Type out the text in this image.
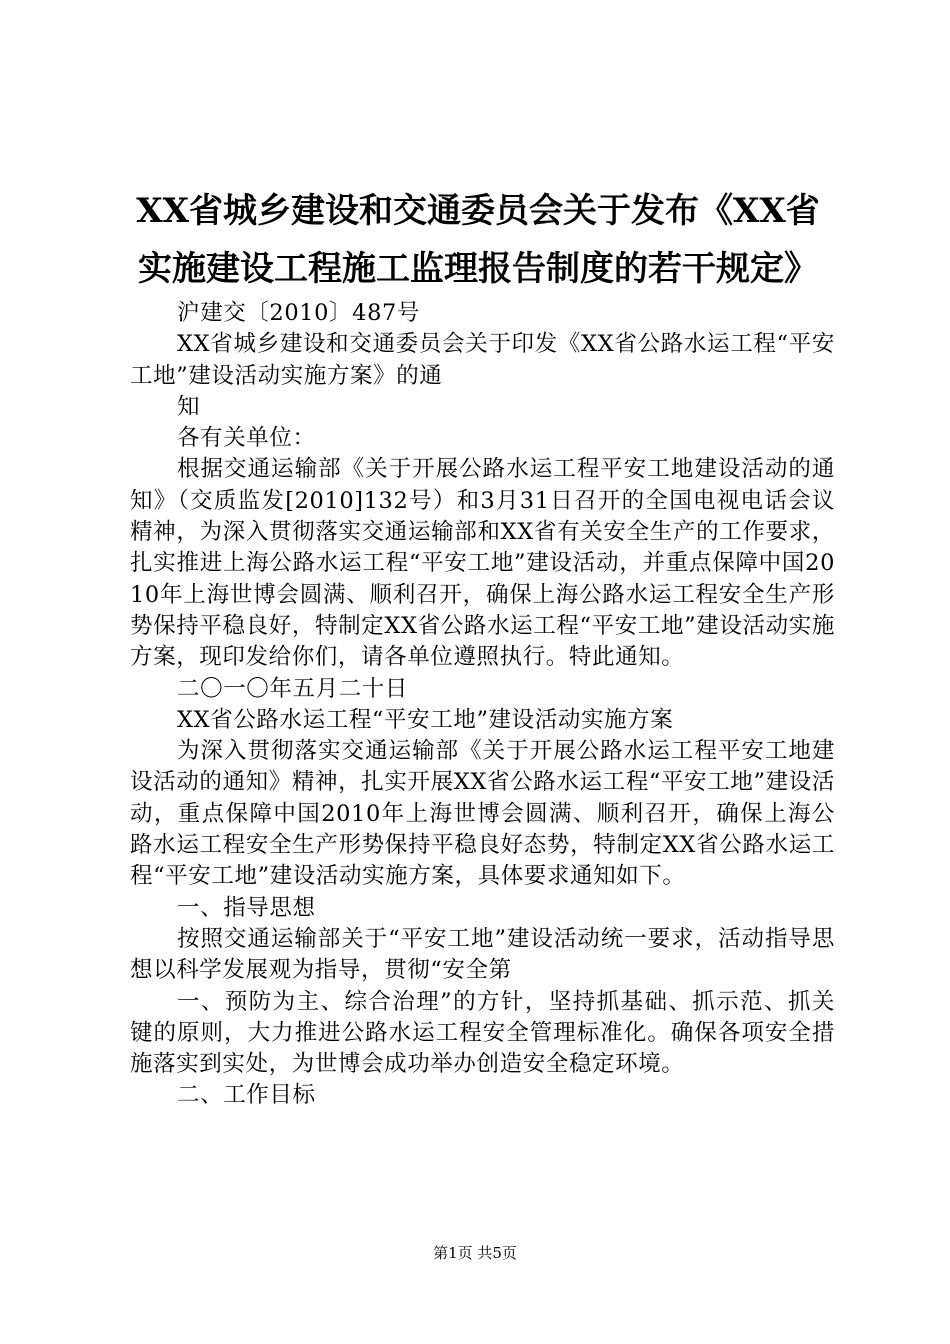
XX省城乡建设和交通委员会关于发布《XX省实施建设工程施工监理报告制度的若干规定》

沪建交〔2010〕487号

XX省城乡建设和交通委员会关于印发《XX省公路水运工程“平安工地”建设活动实施方案》的通

知

各有关单位：

根据交通运输部《关于开展公路水运工程平安工地建设活动的通知》（交质监发[2010]132号）和3月31日召开的全国电视电话会议精神，为深入贯彻落实交通运输部和XX省有关安全生产的工作要求，扎实推进上海公路水运工程“平安工地”建设活动，并重点保障中国2010年上海世博会圆满、顺利召开，确保上海公路水运工程安全生产形势保持平稳良好，特制定XX省公路水运工程“平安工地”建设活动实施方案，现印发给你们，请各单位遵照执行。特此通知。

二〇一〇年五月二十日

XX省公路水运工程“平安工地”建设活动实施方案

为深入贯彻落实交通运输部《关于开展公路水运工程平安工地建设活动的通知》精神，扎实开展XX省公路水运工程“平安工地”建设活动，重点保障中国2010年上海世博会圆满、顺利召开，确保上海公路水运工程安全生产形势保持平稳良好态势，特制定XX省公路水运工程“平安工地”建设活动实施方案，具体要求通知如下。

一、指导思想

按照交通运输部关于“平安工地”建设活动统一要求，活动指导思想以科学发展观为指导，贯彻“安全第

一、预防为主、综合治理”的方针，坚持抓基础、抓示范、抓关键的原则，大力推进公路水运工程安全管理标准化。确保各项安全措施落实到实处，为世博会成功举办创造安全稳定环境。

二、工作目标

第1页 共5页
